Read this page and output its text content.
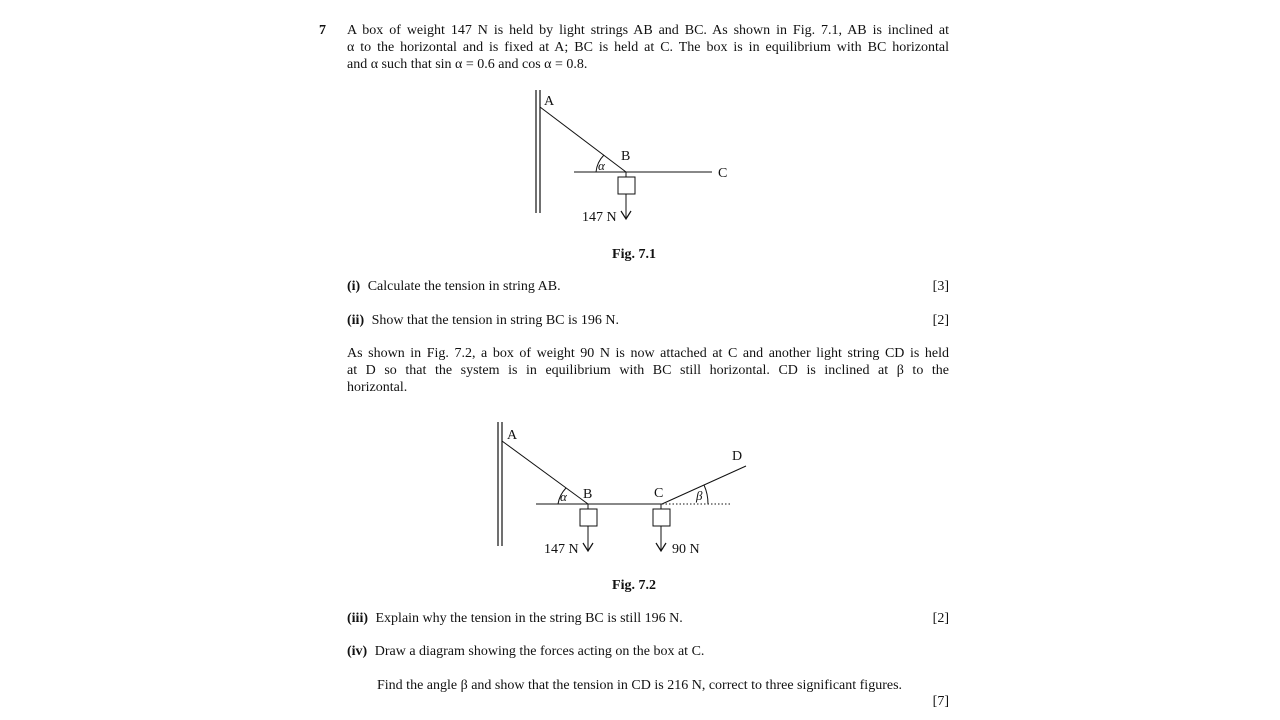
7 A box of weight 147 N is held by light strings AB and BC. As shown in Fig. 7.1, AB is inclined at
α to the horizontal and is fixed at A; BC is held at C. The box is in equilibrium with BC horizontal
and α such that sin α = 0.6 and cos α = 0.8.
A
C
B
α
147 N
Fig. 7.1
(i) Calculate the tension in string AB.	[3]
(ii) Show that the tension in string BC is 196 N.	[2]
As shown in Fig. 7.2, a box of weight 90 N is now attached at C and another light string CD is held
at D so that the system is in equilibrium with BC still horizontal. CD is inclined at β to the
horizontal.
A
D
B	C
α	β
147 N	90 N
Fig. 7.2
(iii) Explain why the tension in the string BC is still 196 N.	[2]
(iv) Draw a diagram showing the forces acting on the box at C.
Find the angle β and show that the tension in CD is 216 N, correct to three significant figures.
[7]
